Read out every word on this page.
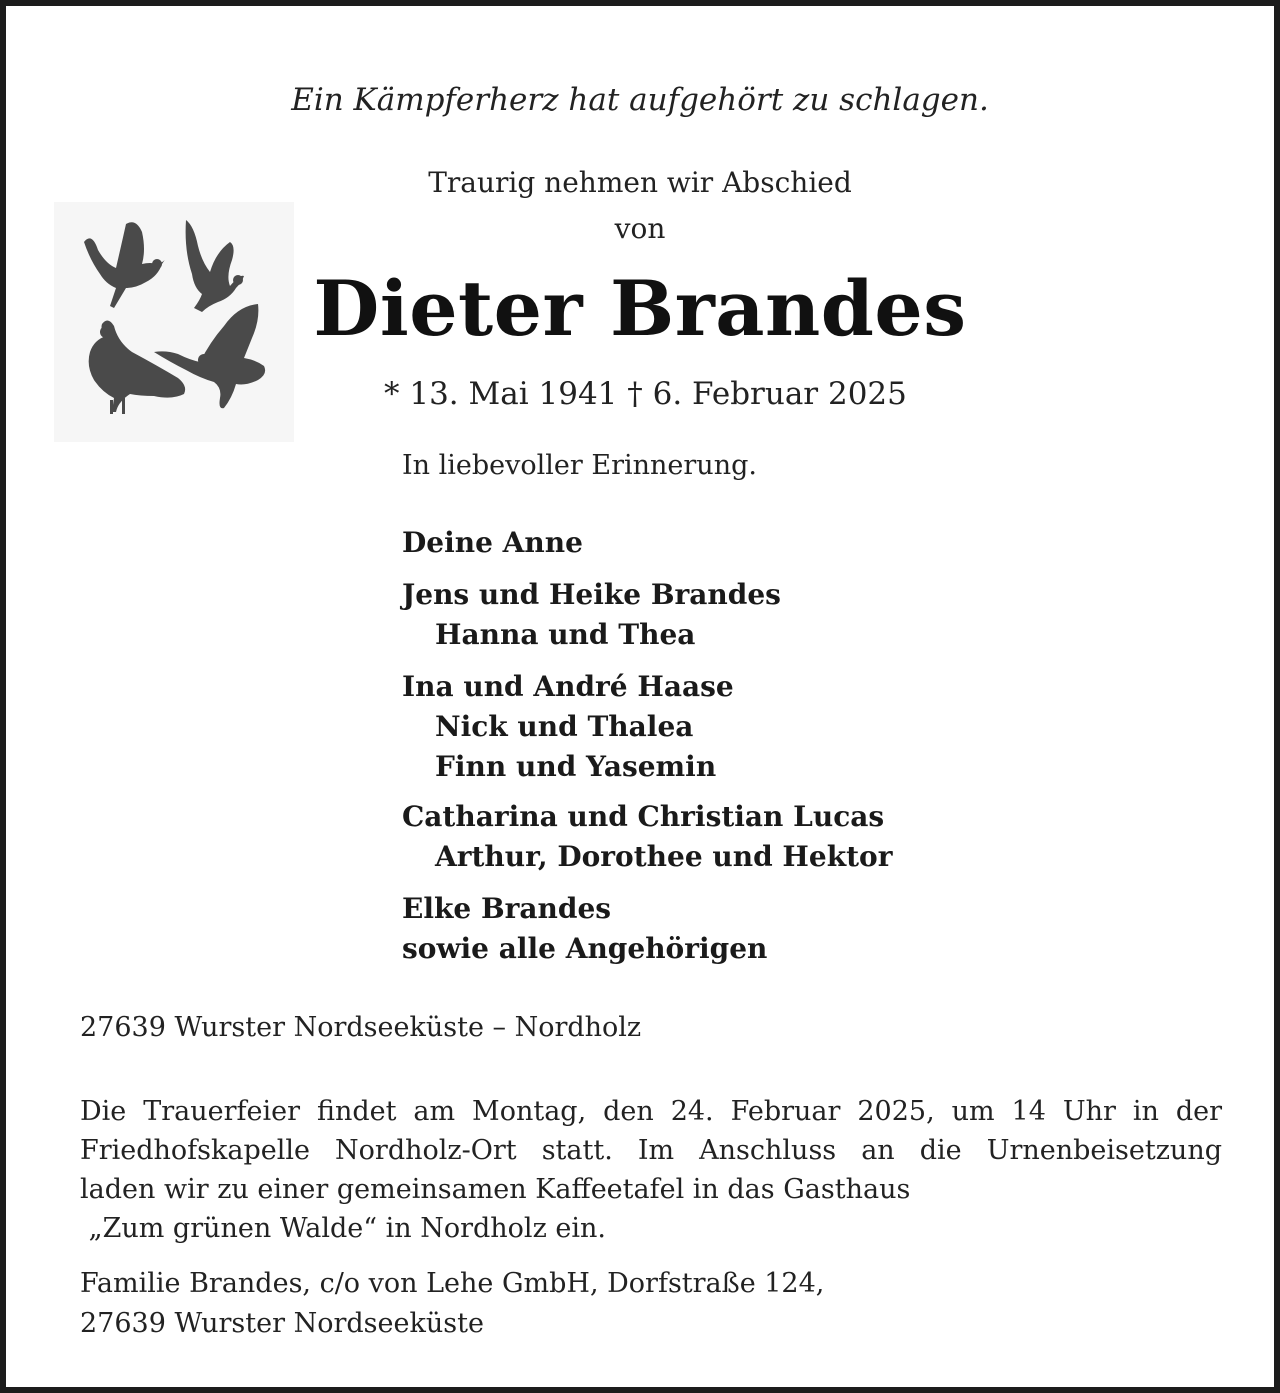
Ein Kämpferherz hat aufgehört zu schlagen.
Traurig nehmen wir Abschied
von
Dieter Brandes
* 13. Mai 1941 † 6. Februar 2025
In liebevoller Erinnerung.
Deine Anne
Jens und Heike Brandes
Hanna und Thea
Ina und André Haase
Nick und Thalea
Finn und Yasemin
Catharina und Christian Lucas
Arthur, Dorothee und Hektor
Elke Brandes
sowie alle Angehörigen
27639 Wurster Nordseeküste – Nordholz
Die Trauerfeier findet am Montag, den 24. Februar 2025, um 14 Uhr in der
Friedhofskapelle Nordholz-Ort statt. Im Anschluss an die Urnenbeisetzung
laden wir zu einer gemeinsamen Kaffeetafel in das Gasthaus
„Zum grünen Walde“ in Nordholz ein.
Familie Brandes, c/o von Lehe GmbH, Dorfstraße 124,
27639 Wurster Nordseeküste
